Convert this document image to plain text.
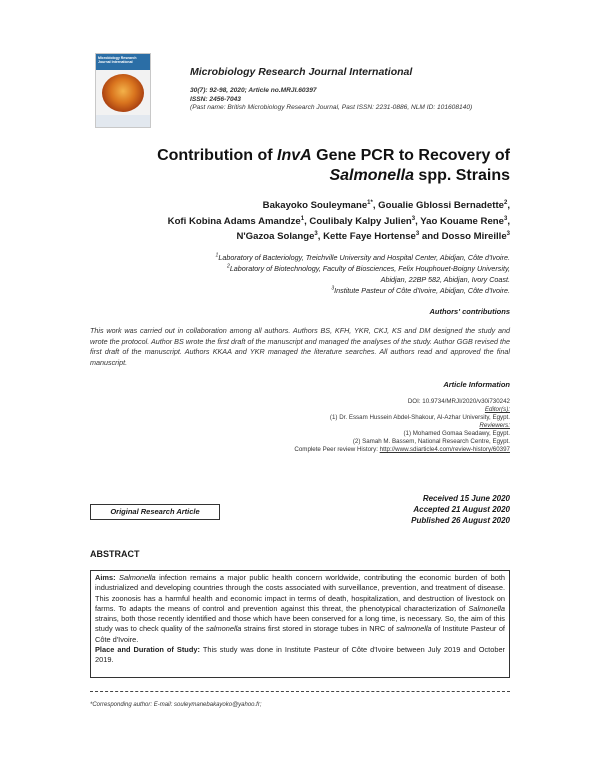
Microbiology Research Journal International
Microbiology Research Journal International
30(7): 92-98, 2020; Article no.MRJI.60397
ISSN: 2456-7043
(Past name: British Microbiology Research Journal, Past ISSN: 2231-0886, NLM ID: 101608140)
Contribution of InvA Gene PCR to Recovery of
Salmonella spp. Strains
Bakayoko Souleymane$^{1*}$, Goualie Gblossi Bernadette$^2$,
Kofi Kobina Adams Amandze$^1$, Coulibaly Kalpy Julien$^3$, Yao Kouame Rene$^3$,
N'Gazoa Solange$^3$, Kette Faye Hortense$^3$ and Dosso Mireille$^3$
$^1$Laboratory of Bacteriology, Treichville University and Hospital Center, Abidjan, Côte d'Ivoire.
$^2$Laboratory of Biotechnology, Faculty of Biosciences, Felix Houphouet-Boigny University,
Abidjan, 22BP 582, Abidjan, Ivory Coast.
$^3$Institute Pasteur of Côte d'Ivoire, Abidjan, Côte d'Ivoire.
Authors' contributions
This work was carried out in collaboration among all authors. Authors BS, KFH, YKR, CKJ, KS and DM designed the study and wrote the protocol. Author BS wrote the first draft of the manuscript and managed the analyses of the study. Author GGB revised the first draft of the manuscript. Authors KKAA and YKR managed the literature searches. All authors read and approved the final manuscript.
Article Information
DOI: 10.9734/MRJI/2020/v30i730242
Editor(s):
(1) Dr. Essam Hussein Abdel-Shakour, Al-Azhar University, Egypt.
Reviewers:
(1) Mohamed Gomaa Seadawy, Egypt.
(2) Samah M. Bassem, National Research Centre, Egypt.
Complete Peer review History: http://www.sdiarticle4.com/review-history/60397
Original Research Article
Received 15 June 2020
Accepted 21 August 2020
Published 26 August 2020
ABSTRACT
Aims: Salmonella infection remains a major public health concern worldwide, contributing the economic burden of both industrialized and developing countries through the costs associated with surveillance, prevention, and treatment of disease. This zoonosis has a harmful health and economic impact in terms of death, hospitalization, and destruction of livestock on farms. To adapts the means of control and prevention against this threat, the phenotypical characterization of Salmonella strains, both those recently identified and those which have been conserved for a long time, is necessary. So, the aim of this study was to check quality of the salmonella strains first stored in storage tubes in NRC of salmonella of Institute Pasteur of Côte d'Ivoire.
Place and Duration of Study: This study was done in Institute Pasteur of Côte d'Ivoire between July 2019 and October 2019.
*Corresponding author: E-mail: souleymanebakayoko@yahoo.fr;
